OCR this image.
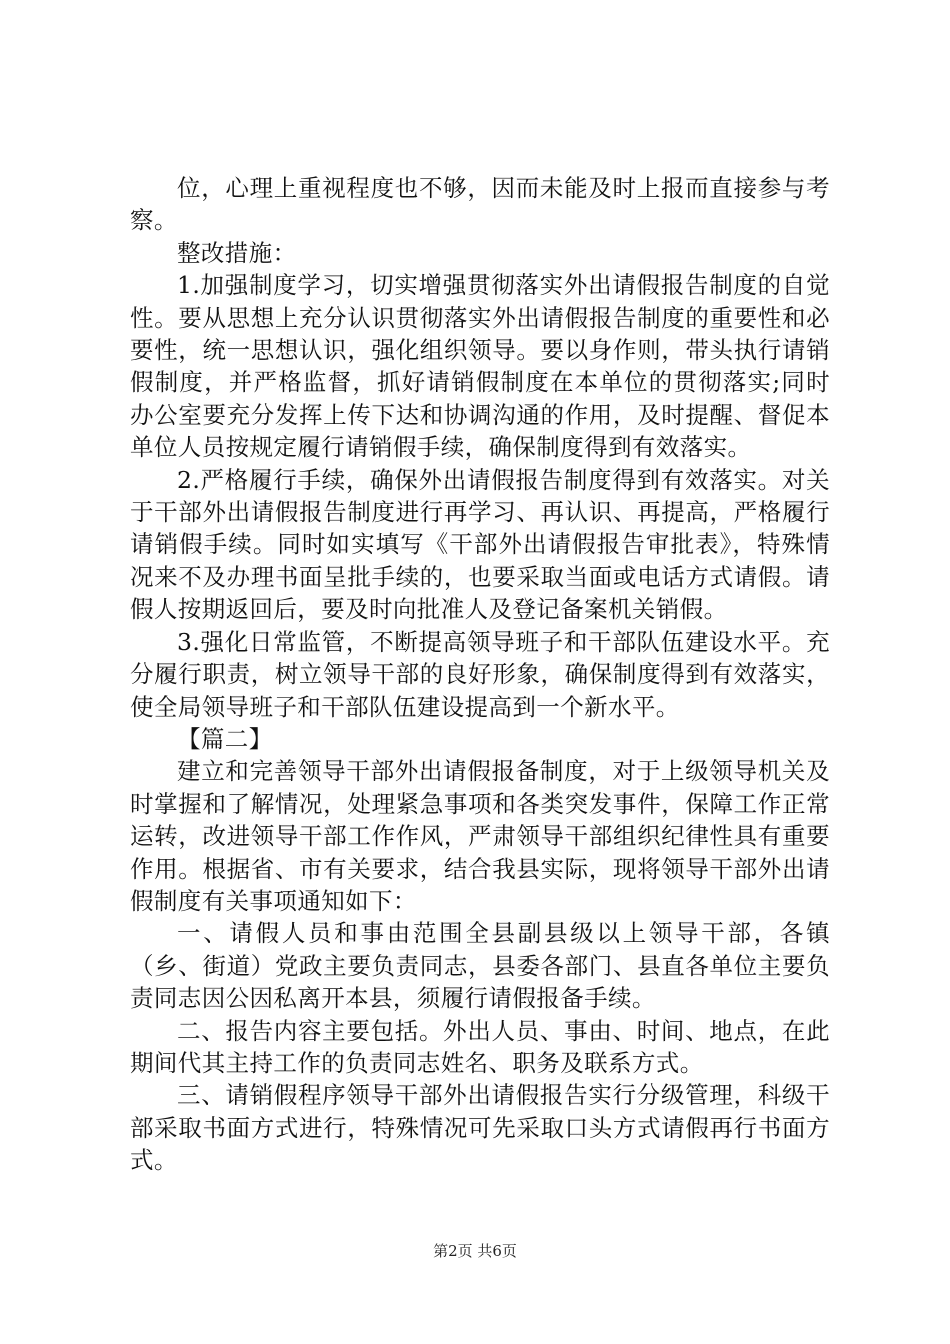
位，心理上重视程度也不够，因而未能及时上报而直接参与考察。

整改措施：

1.加强制度学习，切实增强贯彻落实外出请假报告制度的自觉性。要从思想上充分认识贯彻落实外出请假报告制度的重要性和必要性，统一思想认识，强化组织领导。要以身作则，带头执行请销假制度，并严格监督，抓好请销假制度在本单位的贯彻落实;同时办公室要充分发挥上传下达和协调沟通的作用，及时提醒、督促本单位人员按规定履行请销假手续，确保制度得到有效落实。

2.严格履行手续，确保外出请假报告制度得到有效落实。对关于干部外出请假报告制度进行再学习、再认识、再提高，严格履行请销假手续。同时如实填写《干部外出请假报告审批表》，特殊情况来不及办理书面呈批手续的，也要采取当面或电话方式请假。请假人按期返回后，要及时向批准人及登记备案机关销假。

3.强化日常监管，不断提高领导班子和干部队伍建设水平。充分履行职责，树立领导干部的良好形象，确保制度得到有效落实，使全局领导班子和干部队伍建设提高到一个新水平。

【篇二】

建立和完善领导干部外出请假报备制度，对于上级领导机关及时掌握和了解情况，处理紧急事项和各类突发事件，保障工作正常运转，改进领导干部工作作风，严肃领导干部组织纪律性具有重要作用。根据省、市有关要求，结合我县实际，现将领导干部外出请假制度有关事项通知如下：

一、请假人员和事由范围全县副县级以上领导干部，各镇（乡、街道）党政主要负责同志，县委各部门、县直各单位主要负责同志因公因私离开本县，须履行请假报备手续。

二、报告内容主要包括。外出人员、事由、时间、地点，在此期间代其主持工作的负责同志姓名、职务及联系方式。

三、请销假程序领导干部外出请假报告实行分级管理，科级干部采取书面方式进行，特殊情况可先采取口头方式请假再行书面方式。

第2页 共6页
